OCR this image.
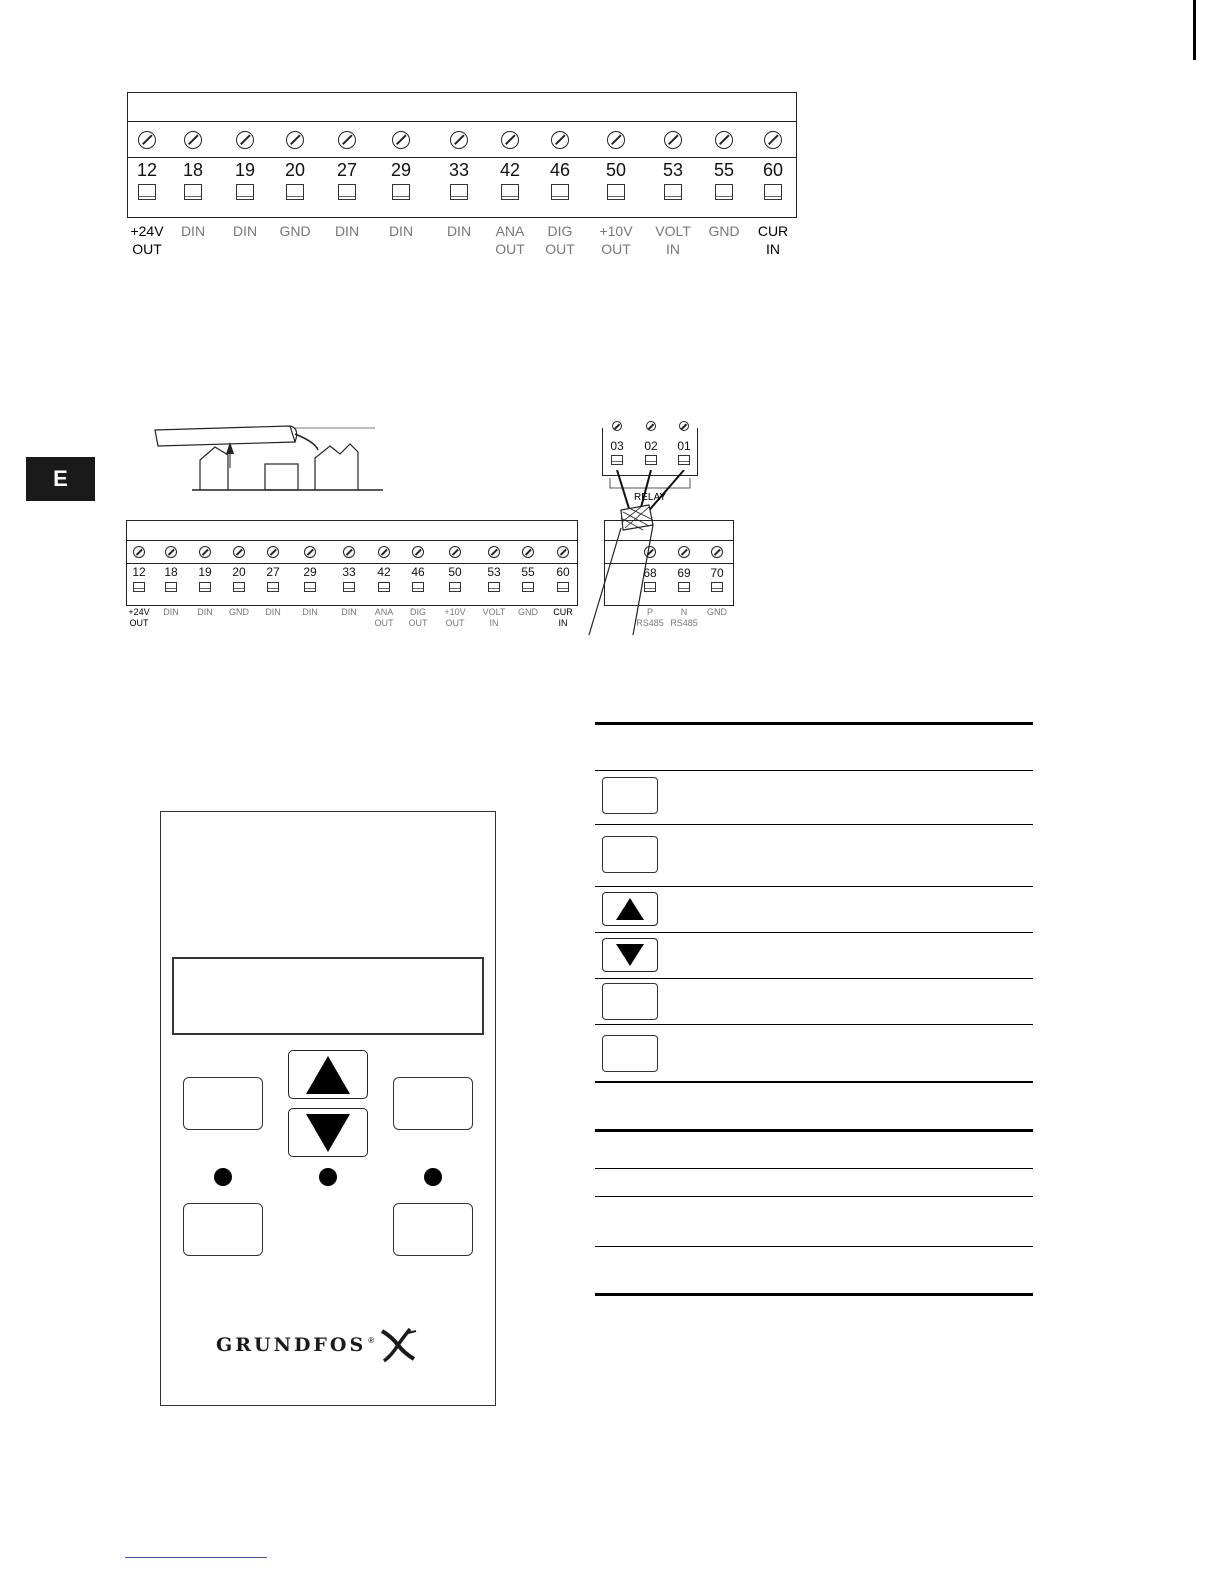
12
+24V
OUT
18
DIN
19
DIN
20
GND
27
DIN
29
DIN
33
DIN
42
ANA
OUT
46
DIG
OUT
50
+10V
OUT
53
VOLT
IN
55
GND
60
CUR
IN
E
12
+24V
OUT
18
DIN
19
DIN
20
GND
27
DIN
29
DIN
33
DIN
42
ANA
OUT
46
DIG
OUT
50
+10V
OUT
53
VOLT
IN
55
GND
60
CUR
IN
03	02	01
RELAY
68
P
RS485
69
N
RS485
70
GND
GRUNDFOS ®
